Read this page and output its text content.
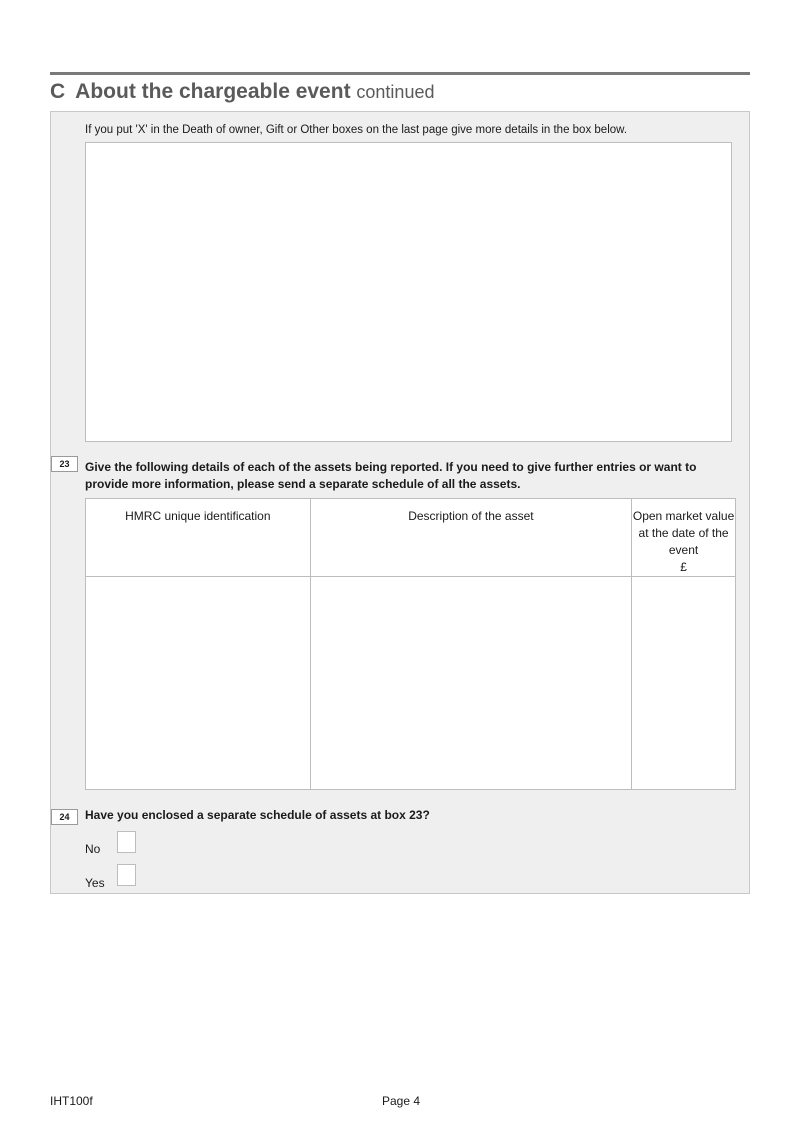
C About the chargeable event continued
If you put 'X' in the Death of owner, Gift or Other boxes on the last page give more details in the box below.
23	Give the following details of each of the assets being reported. If you need to give further entries or want to provide more information, please send a separate schedule of all the assets.
HMRC unique identification	Description of the asset	Open market value at the date of the event
£

24	Have you enclosed a separate schedule of assets at box 23?
No
Yes
IHT100f	Page 4
